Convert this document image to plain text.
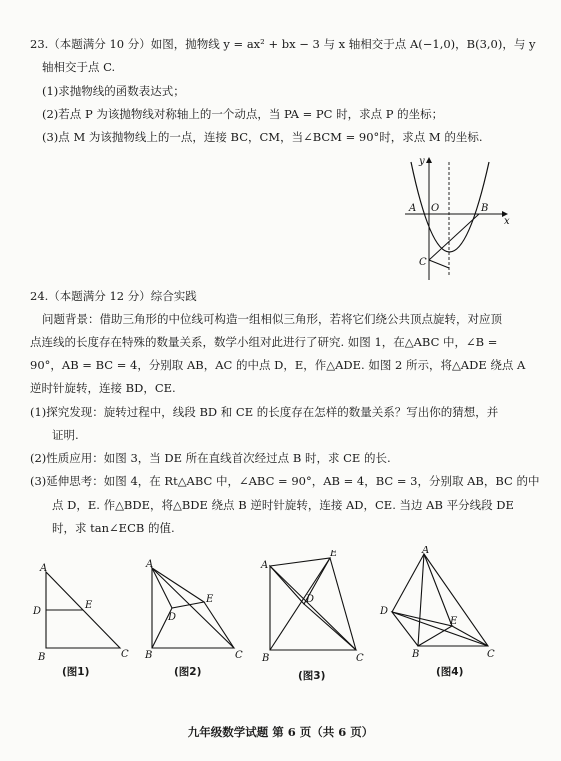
23.（本题满分 10 分）如图，抛物线 y = ax² + bx − 3 与 x 轴相交于点 A(−1,0)，B(3,0)，与 y
轴相交于点 C.
(1)求抛物线的函数表达式；
(2)若点 P 为该抛物线对称轴上的一个动点，当 PA = PC 时，求点 P 的坐标；
(3)点 M 为该抛物线上的一点，连接 BC，CM，当∠BCM = 90°时，求点 M 的坐标.
y
x
A O	B
C
24.（本题满分 12 分）综合实践
问题背景：借助三角形的中位线可构造一组相似三角形，若将它们绕公共顶点旋转，对应顶
点连线的长度存在特殊的数量关系，数学小组对此进行了研究. 如图 1，在△ABC 中，∠B =
90°，AB = BC = 4，分别取 AB，AC 的中点 D，E，作△ADE. 如图 2 所示，将△ADE 绕点 A
逆时针旋转，连接 BD，CE.
(1)探究发现：旋转过程中，线段 BD 和 CE 的长度存在怎样的数量关系？写出你的猜想，并
证明.
(2)性质应用：如图 3，当 DE 所在直线首次经过点 B 时，求 CE 的长.
(3)延伸思考：如图 4，在 Rt△ABC 中，∠ABC = 90°，AB = 4，BC = 3，分别取 AB，BC 的中
点 D，E. 作△BDE，将△BDE 绕点 B 逆时针旋转，连接 AD，CE. 当边 AB 平分线段 DE
时，求 tan∠ECB 的值.
A
D
E
B	C
(图1)
A
E
D
B	C
(图2)
A
E
D
B	C
(图3)
A
D
E
B	C
(图4)
九年级数学试题 第 6 页（共 6 页）
